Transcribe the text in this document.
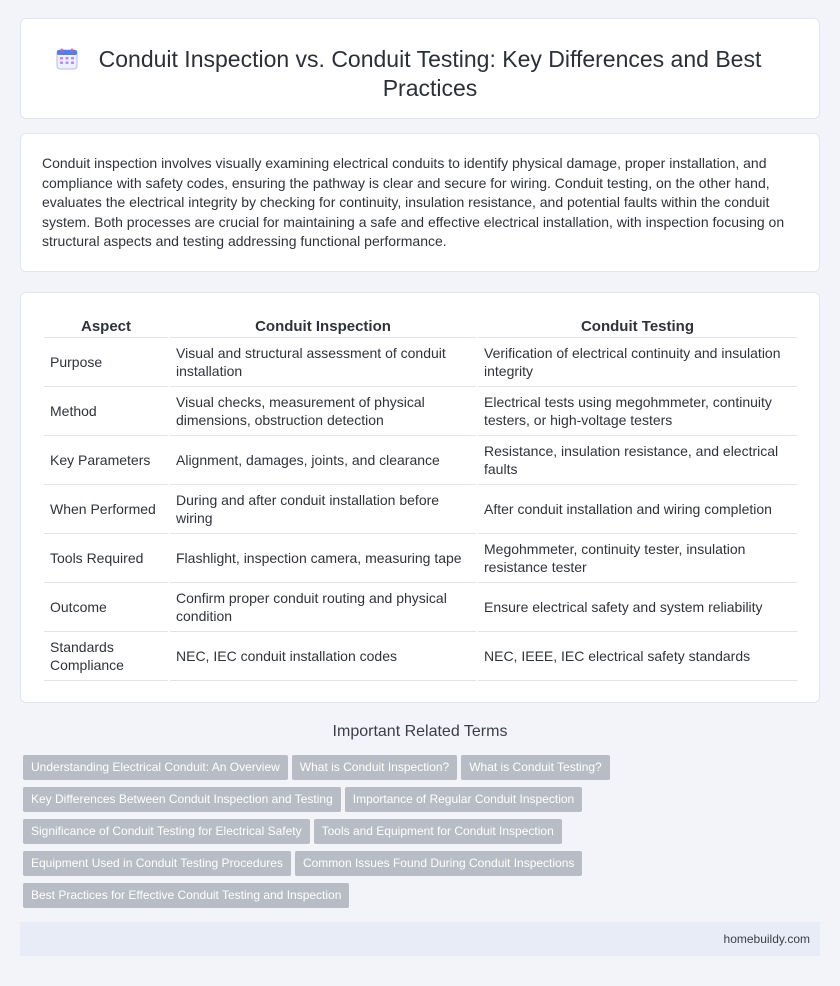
Conduit Inspection vs. Conduit Testing: Key Differences and Best Practices

Conduit inspection involves visually examining electrical conduits to identify physical damage, proper installation, and compliance with safety codes, ensuring the pathway is clear and secure for wiring. Conduit testing, on the other hand, evaluates the electrical integrity by checking for continuity, insulation resistance, and potential faults within the conduit system. Both processes are crucial for maintaining a safe and effective electrical installation, with inspection focusing on structural aspects and testing addressing functional performance.

Aspect	Conduit Inspection	Conduit Testing
Purpose	Visual and structural assessment of conduit installation	Verification of electrical continuity and insulation integrity
Method	Visual checks, measurement of physical dimensions, obstruction detection	Electrical tests using megohmmeter, continuity testers, or high-voltage testers
Key Parameters	Alignment, damages, joints, and clearance	Resistance, insulation resistance, and electrical faults
When Performed	During and after conduit installation before wiring	After conduit installation and wiring completion
Tools Required	Flashlight, inspection camera, measuring tape	Megohmmeter, continuity tester, insulation resistance tester
Outcome	Confirm proper conduit routing and physical condition	Ensure electrical safety and system reliability
Standards Compliance	NEC, IEC conduit installation codes	NEC, IEEE, IEC electrical safety standards
Important Related Terms
Understanding Electrical Conduit: An Overview What is Conduit Inspection? What is Conduit Testing?
Key Differences Between Conduit Inspection and Testing Importance of Regular Conduit Inspection
Significance of Conduit Testing for Electrical Safety Tools and Equipment for Conduit Inspection
Equipment Used in Conduit Testing Procedures Common Issues Found During Conduit Inspections
Best Practices for Effective Conduit Testing and Inspection
homebuildy.com
